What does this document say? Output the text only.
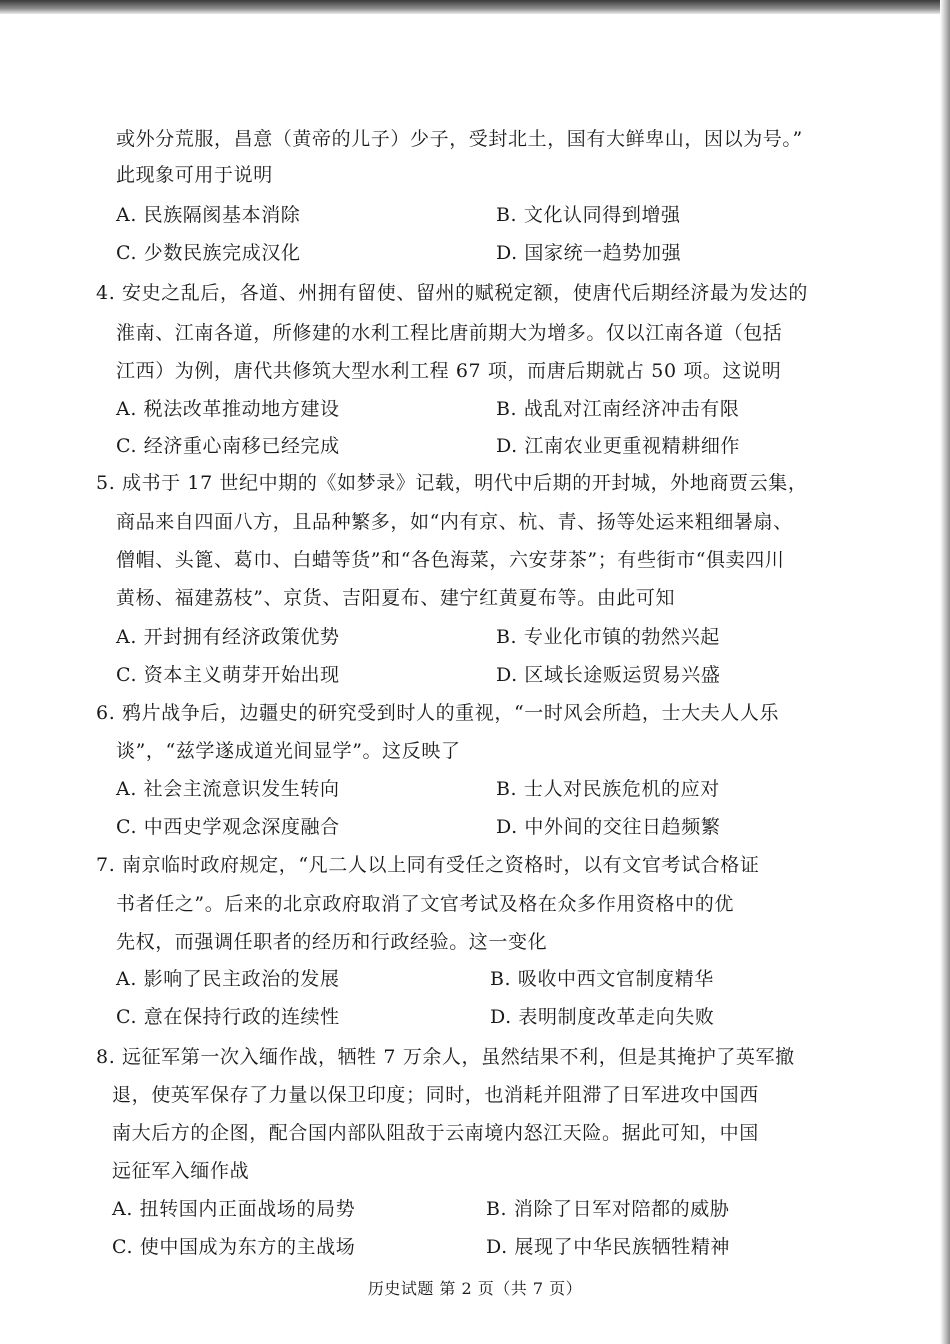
或外分荒服，昌意（黄帝的儿子）少子，受封北土，国有大鲜卑山，因以为号。”
此现象可用于说明
A. 民族隔阂基本消除	B. 文化认同得到增强
C. 少数民族完成汉化	D. 国家统一趋势加强
4. 安史之乱后，各道、州拥有留使、留州的赋税定额，使唐代后期经济最为发达的
淮南、江南各道，所修建的水利工程比唐前期大为增多。仅以江南各道（包括
江西）为例，唐代共修筑大型水利工程 67 项，而唐后期就占 50 项。这说明
A. 税法改革推动地方建设	B. 战乱对江南经济冲击有限
C. 经济重心南移已经完成	D. 江南农业更重视精耕细作
5. 成书于 17 世纪中期的《如梦录》记载，明代中后期的开封城，外地商贾云集，
商品来自四面八方，且品种繁多，如“内有京、杭、青、扬等处运来粗细暑扇、
僧帽、头篦、葛巾、白蜡等货”和“各色海菜，六安芽茶”；有些街市“俱卖四川
黄杨、福建荔枝”、京货、吉阳夏布、建宁红黄夏布等。由此可知
A. 开封拥有经济政策优势	B. 专业化市镇的勃然兴起
C. 资本主义萌芽开始出现	D. 区域长途贩运贸易兴盛
6. 鸦片战争后，边疆史的研究受到时人的重视，“一时风会所趋，士大夫人人乐
谈”，“兹学遂成道光间显学”。这反映了
A. 社会主流意识发生转向	B. 士人对民族危机的应对
C. 中西史学观念深度融合	D. 中外间的交往日趋频繁
7. 南京临时政府规定，“凡二人以上同有受任之资格时，以有文官考试合格证
书者任之”。后来的北京政府取消了文官考试及格在众多作用资格中的优
先权，而强调任职者的经历和行政经验。这一变化
A. 影响了民主政治的发展	B. 吸收中西文官制度精华
C. 意在保持行政的连续性	D. 表明制度改革走向失败
8. 远征军第一次入缅作战，牺牲 7 万余人，虽然结果不利，但是其掩护了英军撤
退，使英军保存了力量以保卫印度；同时，也消耗并阻滞了日军进攻中国西
南大后方的企图，配合国内部队阻敌于云南境内怒江天险。据此可知，中国
远征军入缅作战
A. 扭转国内正面战场的局势	B. 消除了日军对陪都的威胁
C. 使中国成为东方的主战场	D. 展现了中华民族牺牲精神
历史试题 第 2 页（共 7 页）
